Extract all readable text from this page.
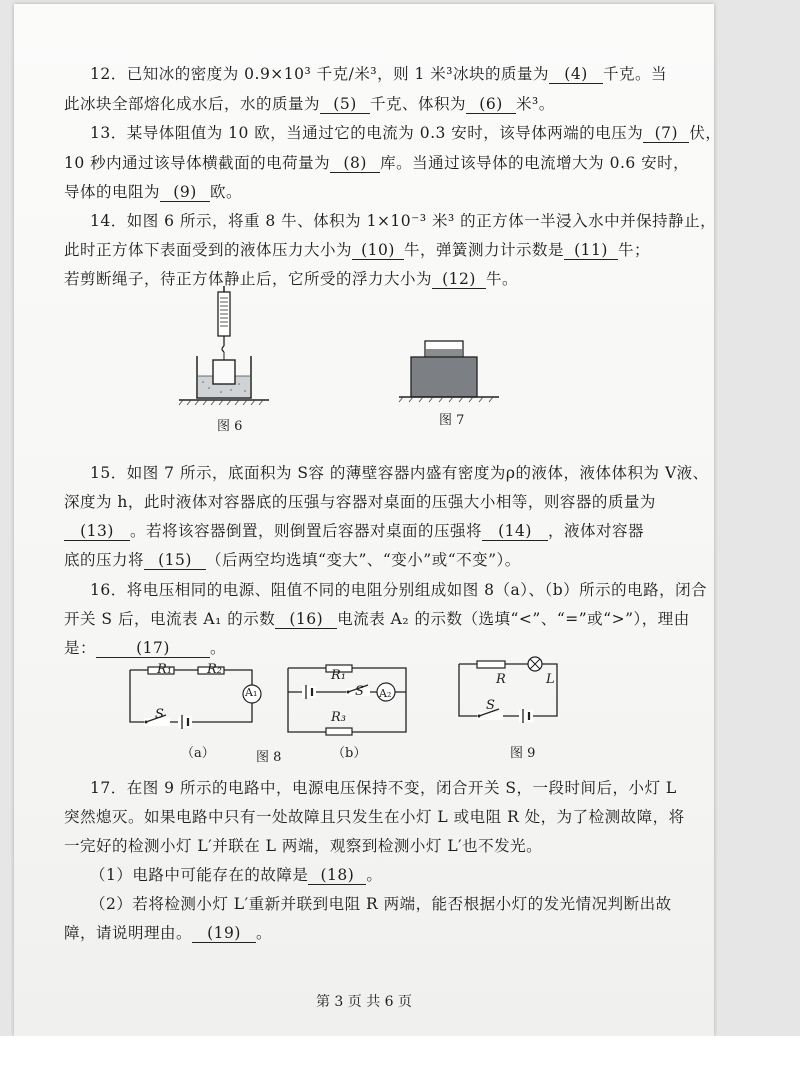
12．已知冰的密度为 0.9×10³ 千克/米³，则 1 米³冰块的质量为 (4) 千克。当
此冰块全部熔化成水后，水的质量为 (5) 千克、体积为 (6) 米³。
13．某导体阻值为 10 欧，当通过它的电流为 0.3 安时，该导体两端的电压为 (7) 伏，
10 秒内通过该导体横截面的电荷量为 (8) 库。当通过该导体的电流增大为 0.6 安时，
导体的电阻为 (9) 欧。
14．如图 6 所示，将重 8 牛、体积为 1×10⁻³ 米³ 的正方体一半浸入水中并保持静止，
此时正方体下表面受到的液体压力大小为 (10) 牛，弹簧测力计示数是 (11) 牛；
若剪断绳子，待正方体静止后，它所受的浮力大小为 (12) 牛。
图 6	图 7
15．如图 7 所示，底面积为 S容 的薄壁容器内盛有密度为ρ的液体，液体体积为 V液、
深度为 h，此时液体对容器底的压强与容器对桌面的压强大小相等，则容器的质量为
(13) 。若将该容器倒置，则倒置后容器对桌面的压强将 (14) ，液体对容器
底的压力将 (15) （后两空均选填“变大”、“变小”或“不变”）。
16．将电压相同的电源、阻值不同的电阻分别组成如图 8（a）、（b）所示的电路，闭合
开关 S 后，电流表 A₁ 的示数 (16) 电流表 A₂ 的示数（选填“<”、“=”或“>”），理由
是：	(17)	。
R₁	R₂
A₁
S
（a）
R₁
S A₂
R₃
（b）
图 8
R	L
S
图 9
17．在图 9 所示的电路中，电源电压保持不变，闭合开关 S，一段时间后，小灯 L
突然熄灭。如果电路中只有一处故障且只发生在小灯 L 或电阻 R 处，为了检测故障，将
一完好的检测小灯 L′并联在 L 两端，观察到检测小灯 L′也不发光。
（1）电路中可能存在的故障是 (18) 。
（2）若将检测小灯 L′重新并联到电阻 R 两端，能否根据小灯的发光情况判断出故
障，请说明理由。 (19) 。
第 3 页 共 6 页
